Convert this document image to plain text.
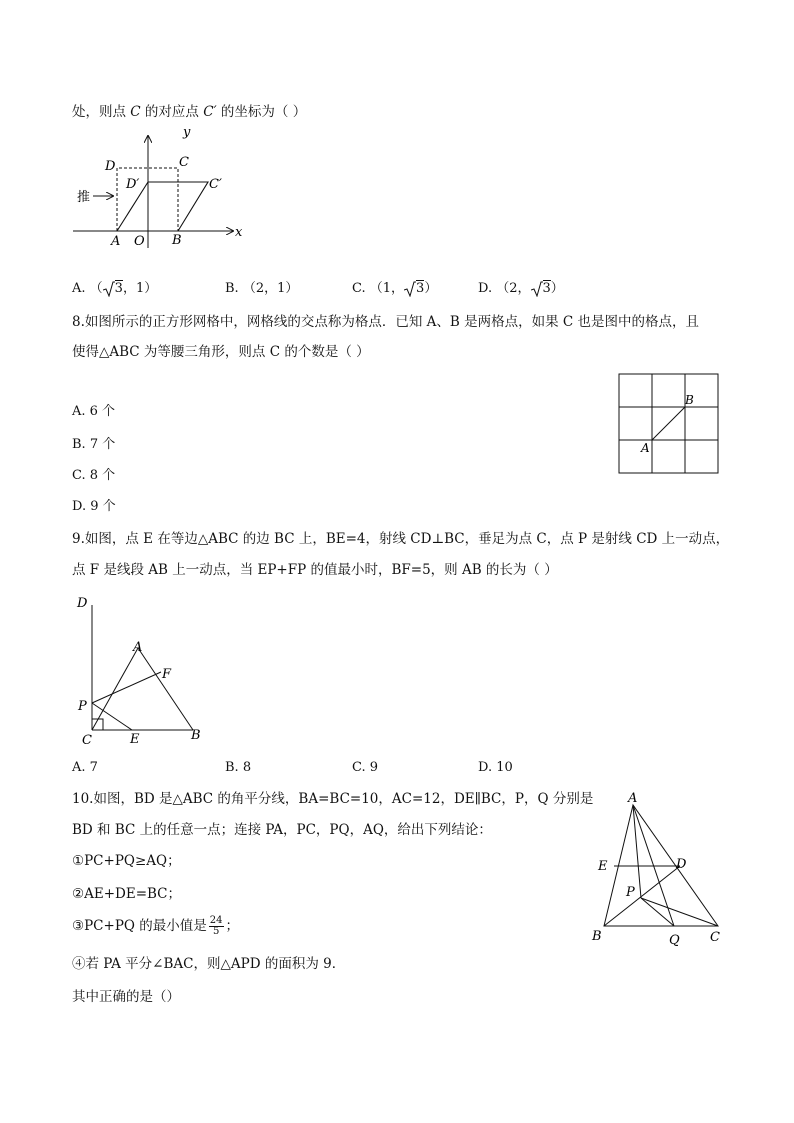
处，则点 C 的对应点 C′ 的坐标为（ ）
y
x
D	C
D′	C′
推
A O B
A. （ 3，1）	B. （2，1）	C. （1， 3）	D. （2， 3）
8.如图所示的正方形网格中，网格线的交点称为格点．已知 A、B 是两格点，如果 C 也是图中的格点，且
使得△ABC 为等腰三角形，则点 C 的个数是（ ）
A
B
A. 6 个
B. 7 个
C. 8 个
D. 9 个
9.如图，点 E 在等边△ABC 的边 BC 上，BE=4，射线 CD⊥BC，垂足为点 C，点 P 是射线 CD 上一动点，
点 F 是线段 AB 上一动点，当 EP+FP 的值最小时，BF=5，则 AB 的长为（ ）
D
A
F
P
C	E	B
A. 7	B. 8	C. 9	D. 10
10.如图，BD 是△ABC 的角平分线，BA=BC=10，AC=12，DE∥BC，P，Q 分别是
BD 和 BC 上的任意一点；连接 PA，PC，PQ，AQ，给出下列结论：
①PC+PQ≥AQ；
②AE+DE=BC；
③PC+PQ 的最小值是 $\frac{24}{5}$ ；
④若 PA 平分∠BAC，则△APD 的面积为 9．
其中正确的是（）
A
E	D
P
B	Q C
